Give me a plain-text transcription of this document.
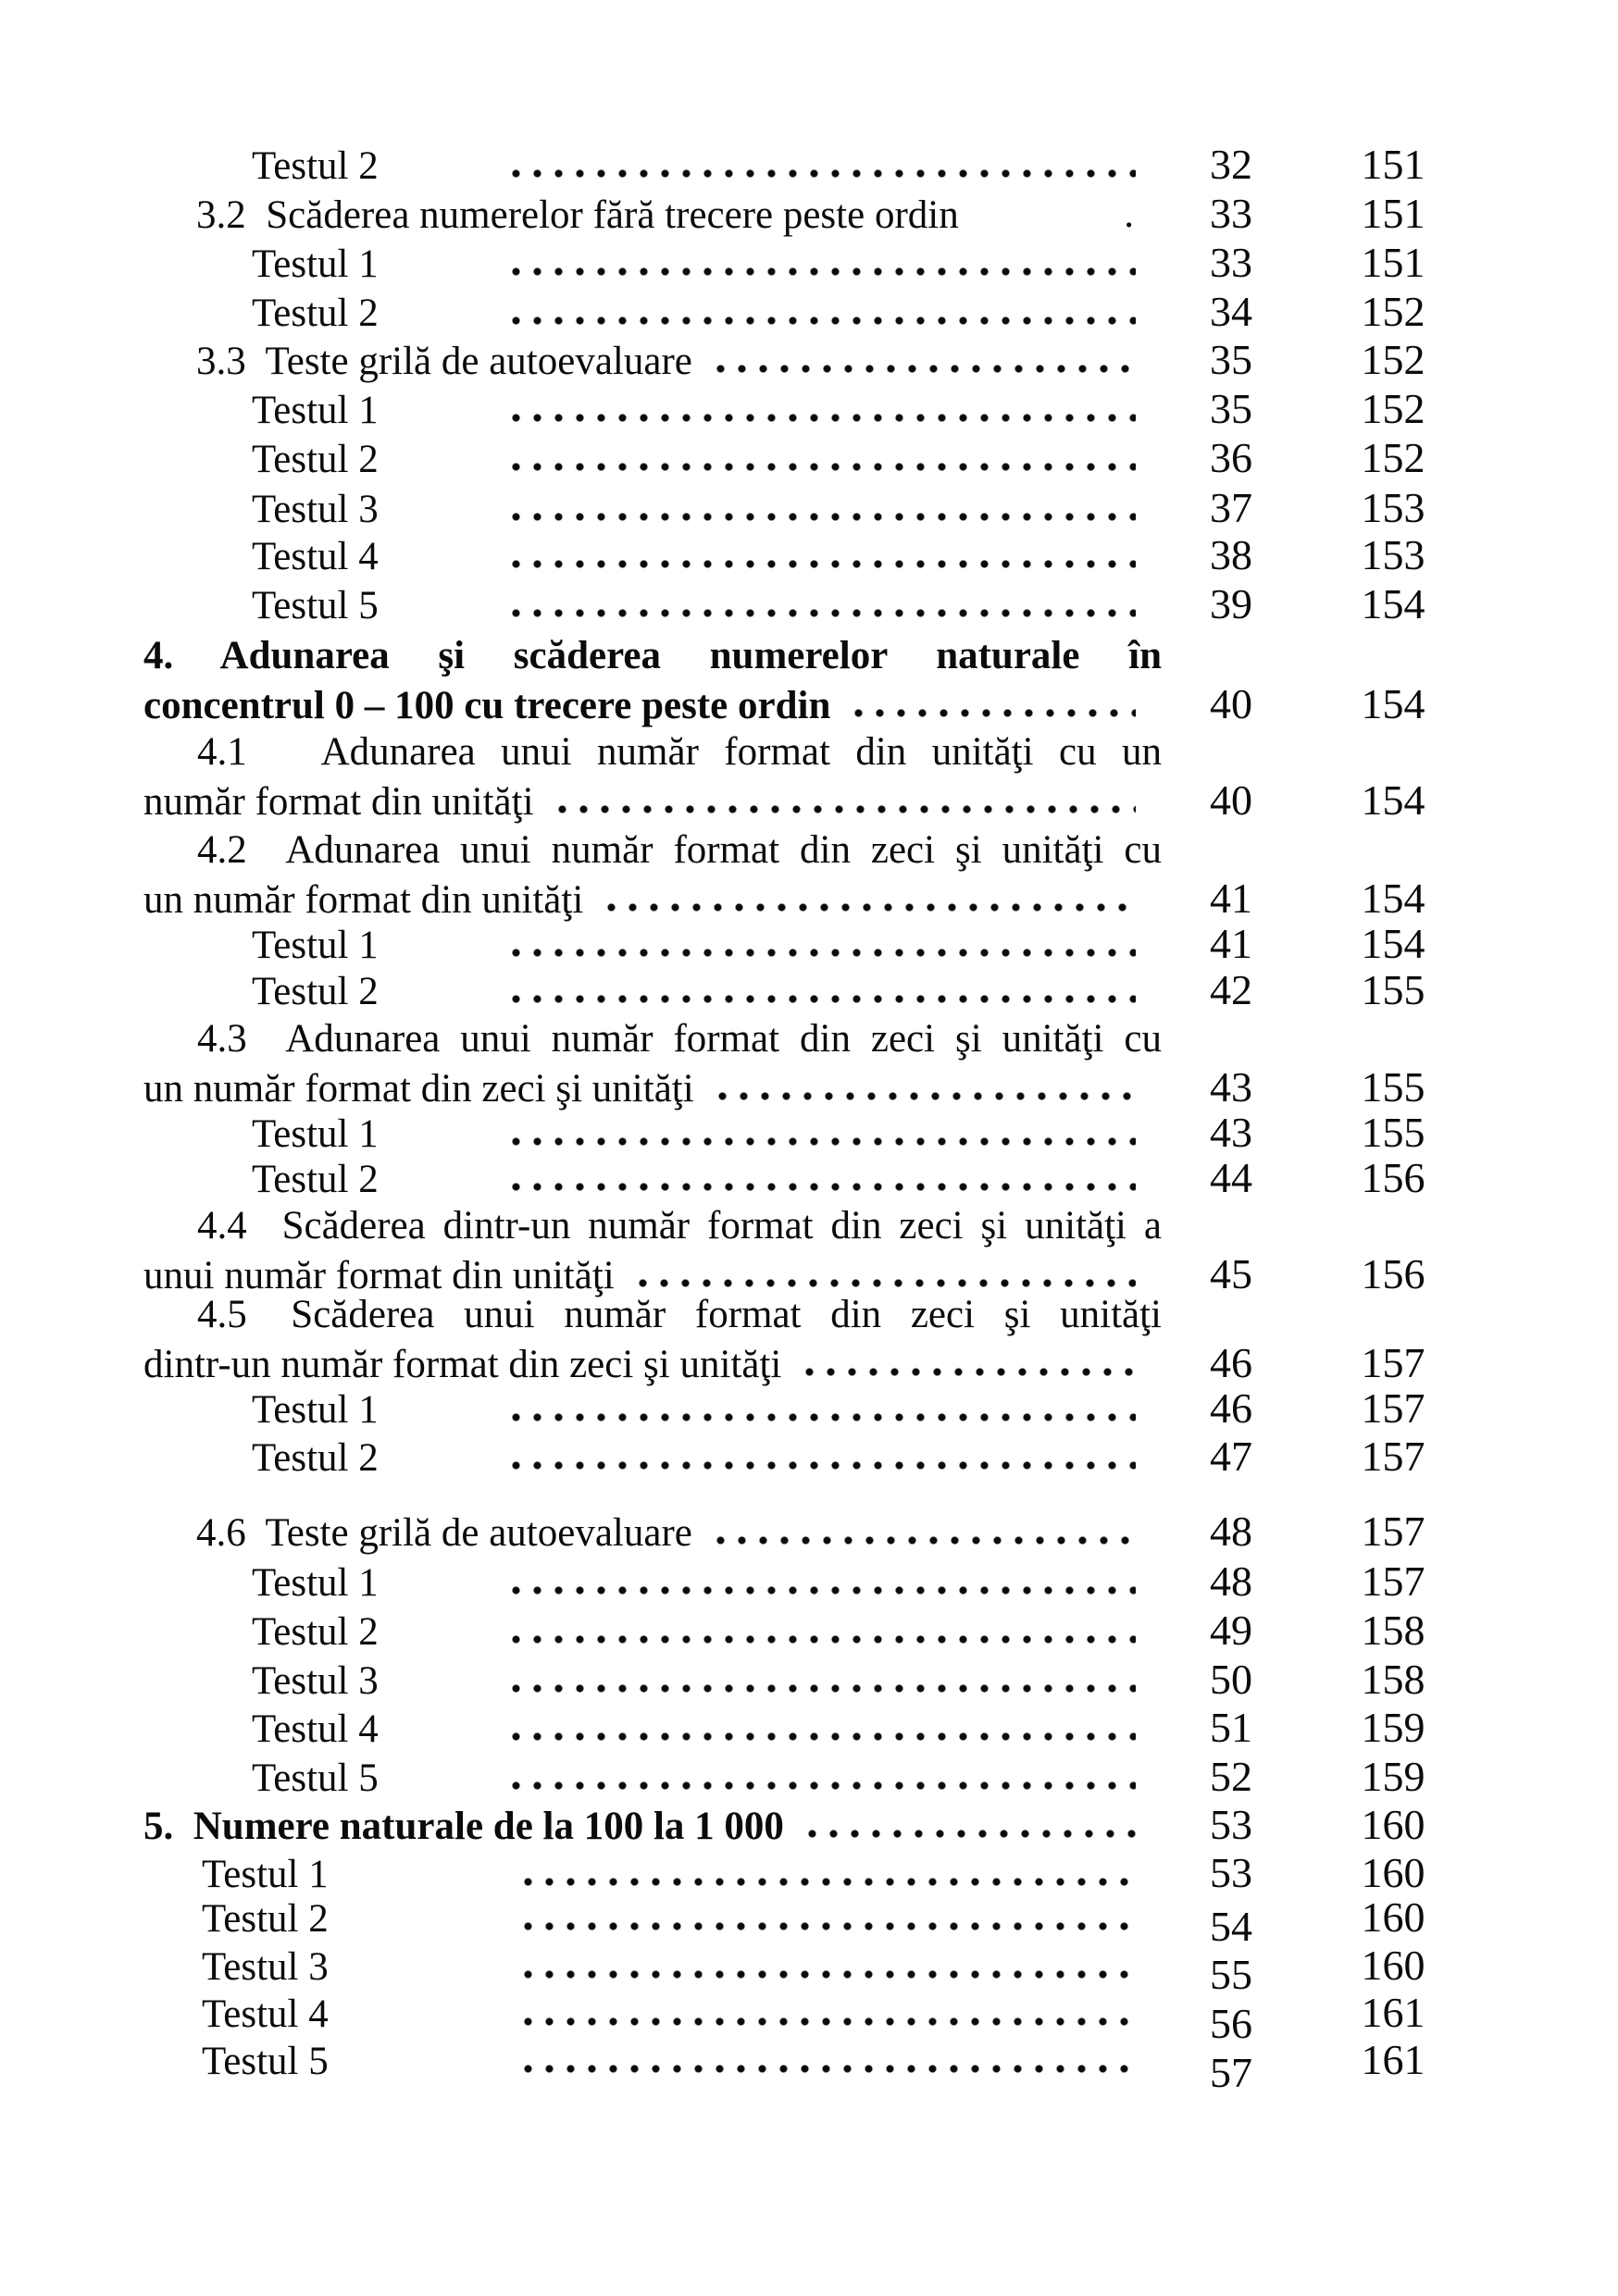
Testul 2	32	151
3.2  Scăderea numerelor fără trecere peste ordin	.	33	151
Testul 1	33	151
Testul 2	34	152
3.3  Teste grilă de autoevaluare	35	152
Testul 1	35	152
Testul 2	36	152
Testul 3	37	153
Testul 4	38	153
Testul 5	39	154
4.  Adunarea  şi  scăderea  numerelor  naturale  în
concentrul 0 – 100 cu trecere peste ordin	40	154
4.1   Adunarea unui număr format din unităţi cu un
număr format din unităţi	40	154
4.2  Adunarea unui număr format din zeci şi unităţi cu
un număr format din unităţi	41	154
Testul 1	41	154
Testul 2	42	155
4.3  Adunarea unui număr format din zeci şi unităţi cu
un număr format din zeci şi unităţi	43	155
Testul 1	43	155
Testul 2	44	156
4.4  Scăderea dintr-un număr format din zeci şi unităţi a
unui număr format din unităţi	45	156
4.5   Scăderea  unui  număr  format  din  zeci  şi  unităţi
dintr-un număr format din zeci şi unităţi	46	157
Testul 1	46	157
Testul 2	47	157
4.6  Teste grilă de autoevaluare	48	157
Testul 1	48	157
Testul 2	49	158
Testul 3	50	158
Testul 4	51	159
Testul 5	52	159
5.  Numere naturale de la 100 la 1 000	53	160
Testul 1	53	160
Testul 2	54	160
Testul 3	55	160
Testul 4	56	161
Testul 5	57	161
